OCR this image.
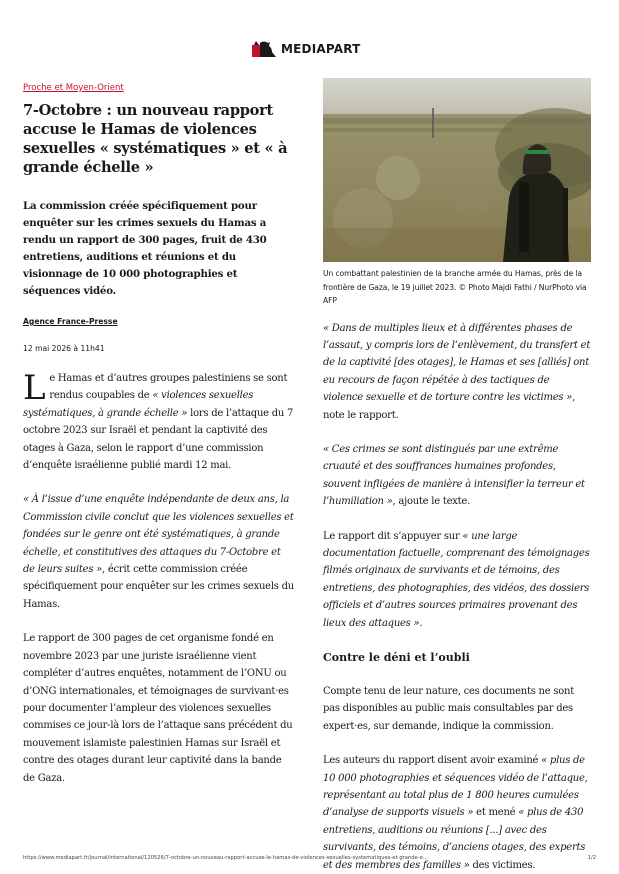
MEDIAPART

Proche et Moyen-Orient

7-Octobre : un nouveau rapport accuse le Hamas de violences sexuelles « systématiques » et « à grande échelle »

La commission créée spécifiquement pour enquêter sur les crimes sexuels du Hamas a rendu un rapport de 300 pages, fruit de 430 entretiens, auditions et réunions et du visionnage de 10 000 photographies et séquences vidéo.

Agence France-Presse

12 mai 2026 à 11h41

Le Hamas et d’autres groupes palestiniens se sont rendus coupables de « violences sexuelles systématiques, à grande échelle » lors de l’attaque du 7 octobre 2023 sur Israël et pendant la captivité des otages à Gaza, selon le rapport d’une commission d’enquête israélienne publié mardi 12 mai.

« À l’issue d’une enquête indépendante de deux ans, la Commission civile conclut que les violences sexuelles et fondées sur le genre ont été systématiques, à grande échelle, et constitutives des attaques du 7-Octobre et de leurs suites », écrit cette commission créée spécifiquement pour enquêter sur les crimes sexuels du Hamas.

Le rapport de 300 pages de cet organisme fondé en novembre 2023 par une juriste israélienne vient compléter d’autres enquêtes, notamment de l’ONU ou d’ONG internationales, et témoignages de survivant·es pour documenter l’ampleur des violences sexuelles commises ce jour-là lors de l’attaque sans précédent du mouvement islamiste palestinien Hamas sur Israël et contre des otages durant leur captivité dans la bande de Gaza.

Un combattant palestinien de la branche armée du Hamas, près de la frontière de Gaza, le 19 juillet 2023. © Photo Majdi Fathi / NurPhoto via AFP

« Dans de multiples lieux et à différentes phases de l’assaut, y compris lors de l’enlèvement, du transfert et de la captivité [des otages], le Hamas et ses [alliés] ont eu recours de façon répétée à des tactiques de violence sexuelle et de torture contre les victimes », note le rapport.

« Ces crimes se sont distingués par une extrême cruauté et des souffrances humaines profondes, souvent infligées de manière à intensifier la terreur et l’humiliation », ajoute le texte.

Le rapport dit s’appuyer sur « une large documentation factuelle, comprenant des témoignages filmés originaux de survivants et de témoins, des entretiens, des photographies, des vidéos, des dossiers officiels et d’autres sources primaires provenant des lieux des attaques ».

Contre le déni et l’oubli

Compte tenu de leur nature, ces documents ne sont pas disponibles au public mais consultables par des expert·es, sur demande, indique la commission.

Les auteurs du rapport disent avoir examiné « plus de 10 000 photographies et séquences vidéo de l’attaque, représentant au total plus de 1 800 heures cumulées d’analyse de supports visuels » et mené « plus de 430 entretiens, auditions ou réunions [...] avec des survivants, des témoins, d’anciens otages, des experts et des membres des familles » des victimes.

https://www.mediapart.fr/journal/international/120526/7-octobre-un-nouveau-rapport-accuse-le-hamas-de-violences-sexuelles-systematiques-et-grande-e…	1/2
